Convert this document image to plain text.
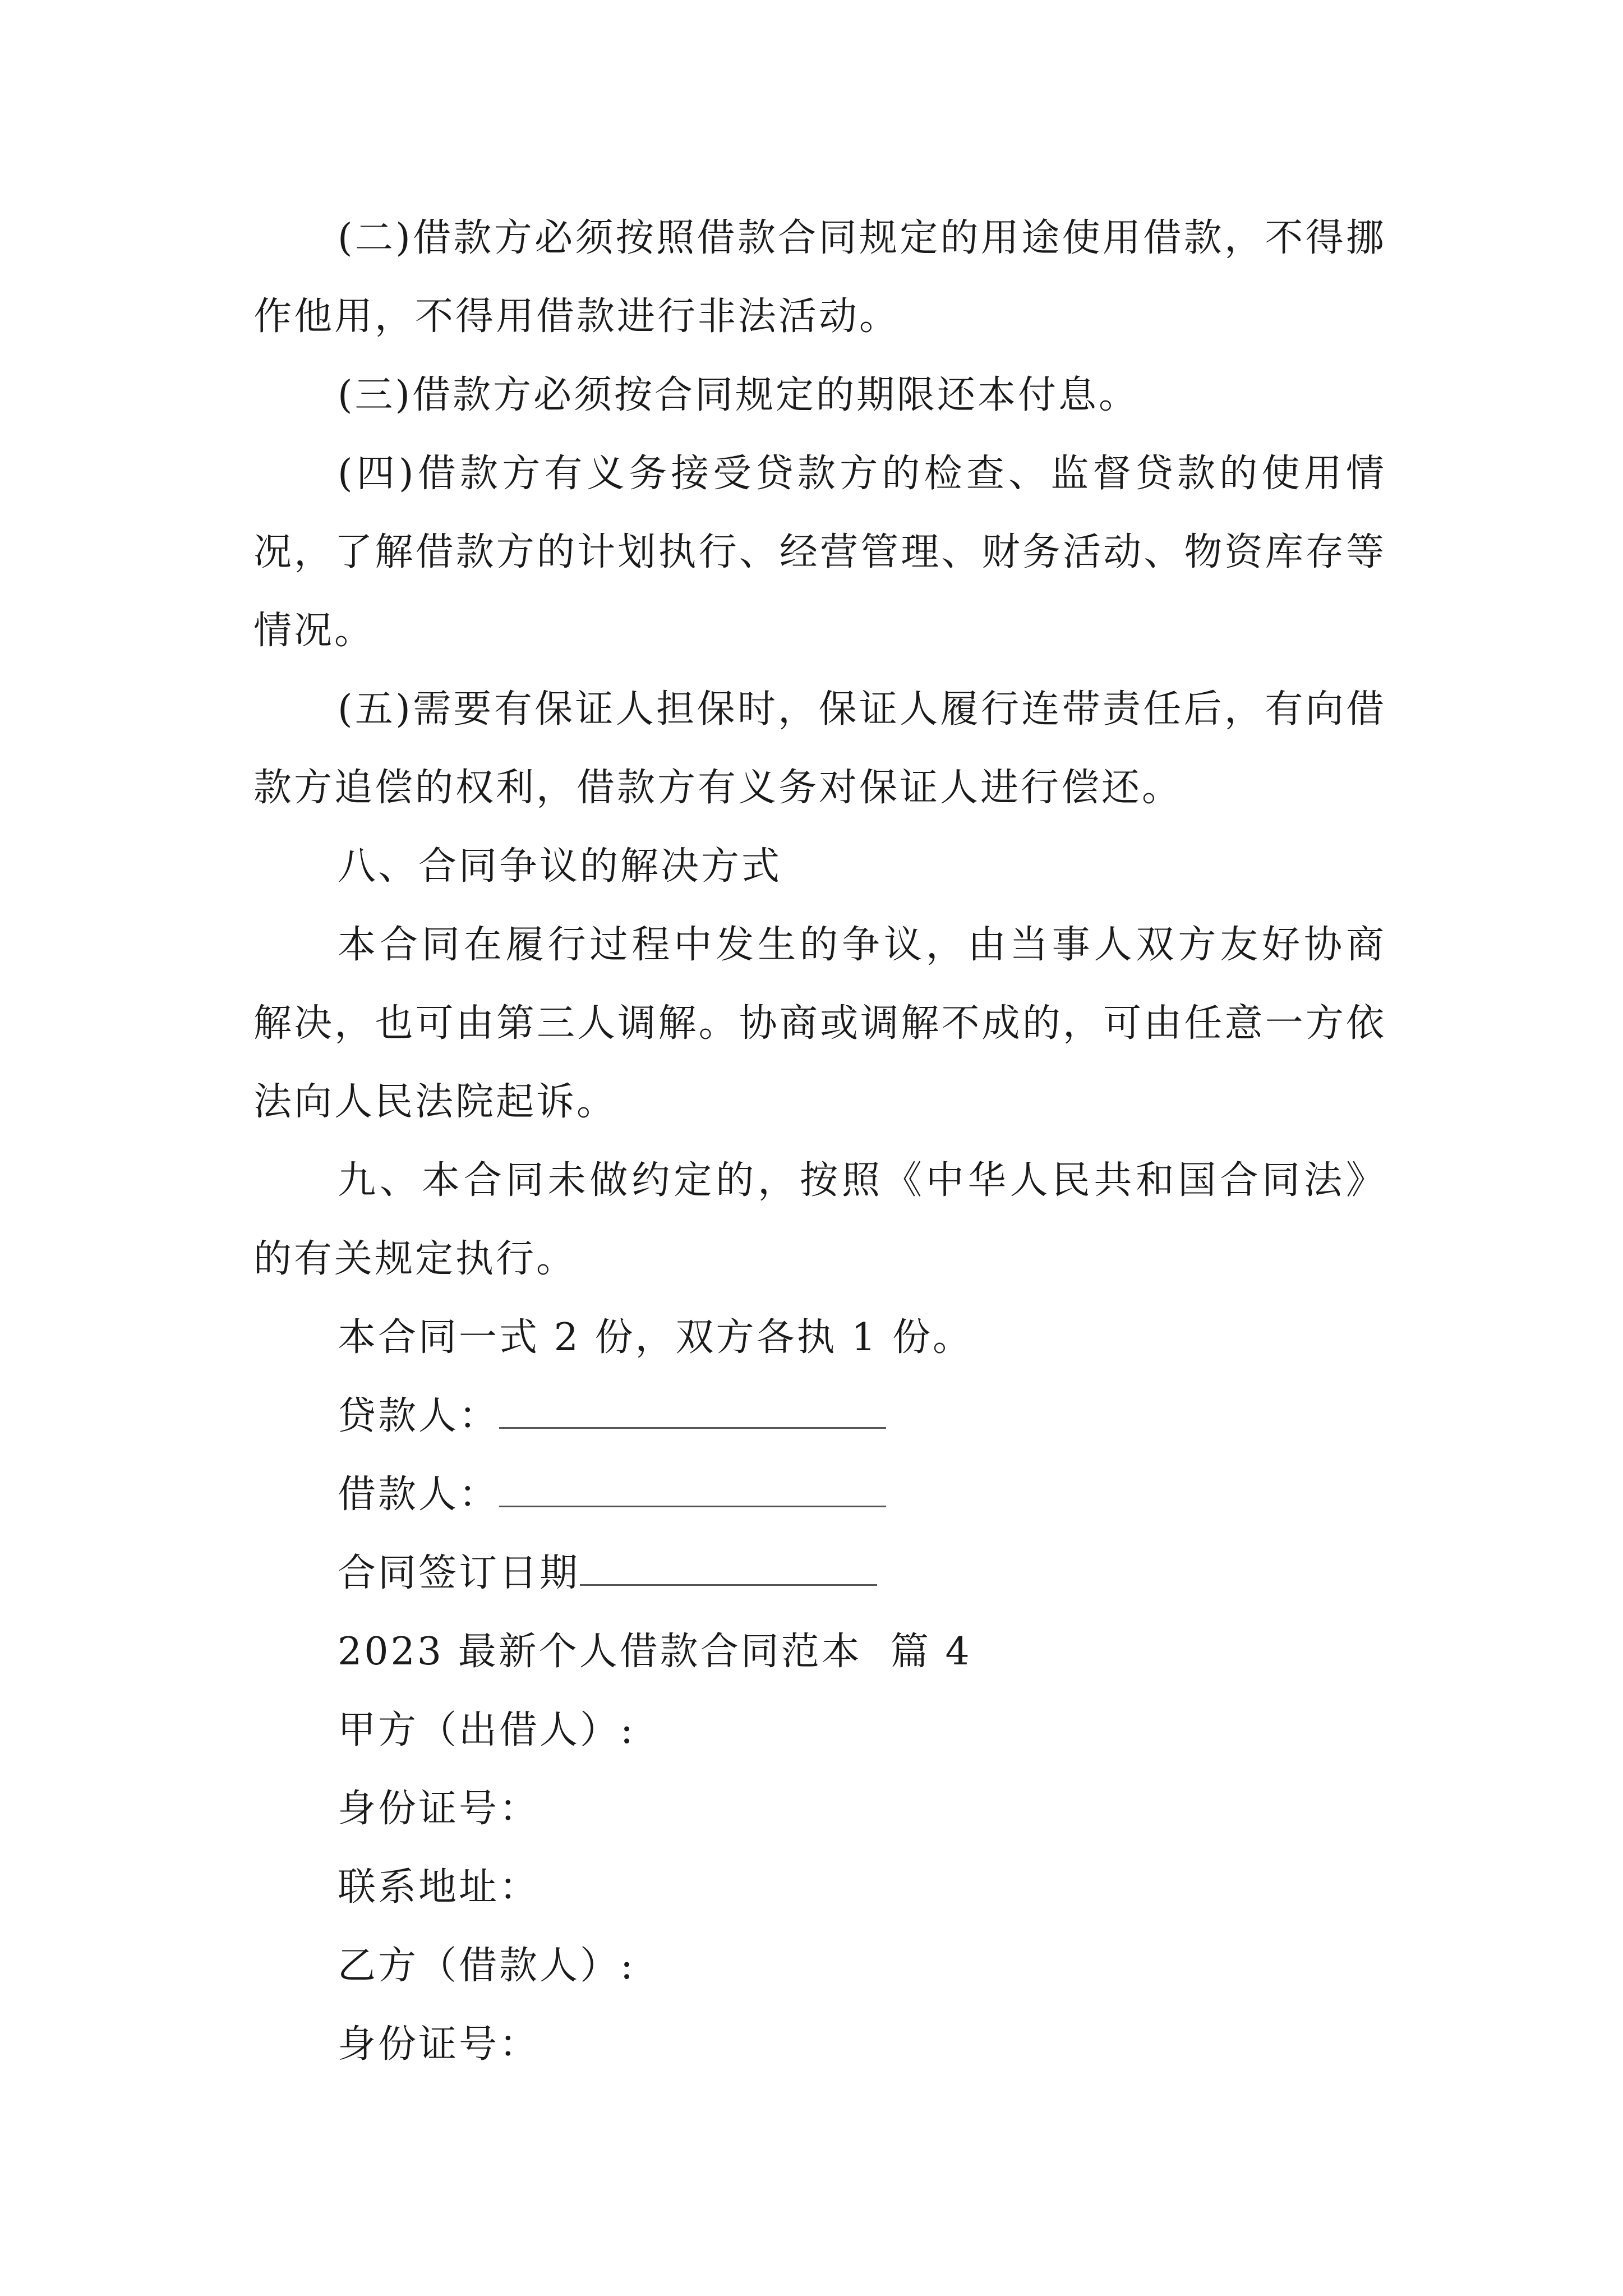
(二)借款方必须按照借款合同规定的用途使用借款，不得挪作他用，不得用借款进行非法活动。

(三)借款方必须按合同规定的期限还本付息。

(四)借款方有义务接受贷款方的检查、监督贷款的使用情况，了解借款方的计划执行、经营管理、财务活动、物资库存等情况。

(五)需要有保证人担保时，保证人履行连带责任后，有向借款方追偿的权利，借款方有义务对保证人进行偿还。

八、合同争议的解决方式

本合同在履行过程中发生的争议，由当事人双方友好协商解决，也可由第三人调解。协商或调解不成的，可由任意一方依法向人民法院起诉。

九、本合同未做约定的，按照《中华人民共和国合同法》的有关规定执行。

本合同一式 2 份，双方各执 1 份。

贷款人：

借款人：

合同签订日期

2023 最新个人借款合同范本  篇 4

甲方（出借人）:

身份证号：

联系地址：

乙方（借款人）:

身份证号：
